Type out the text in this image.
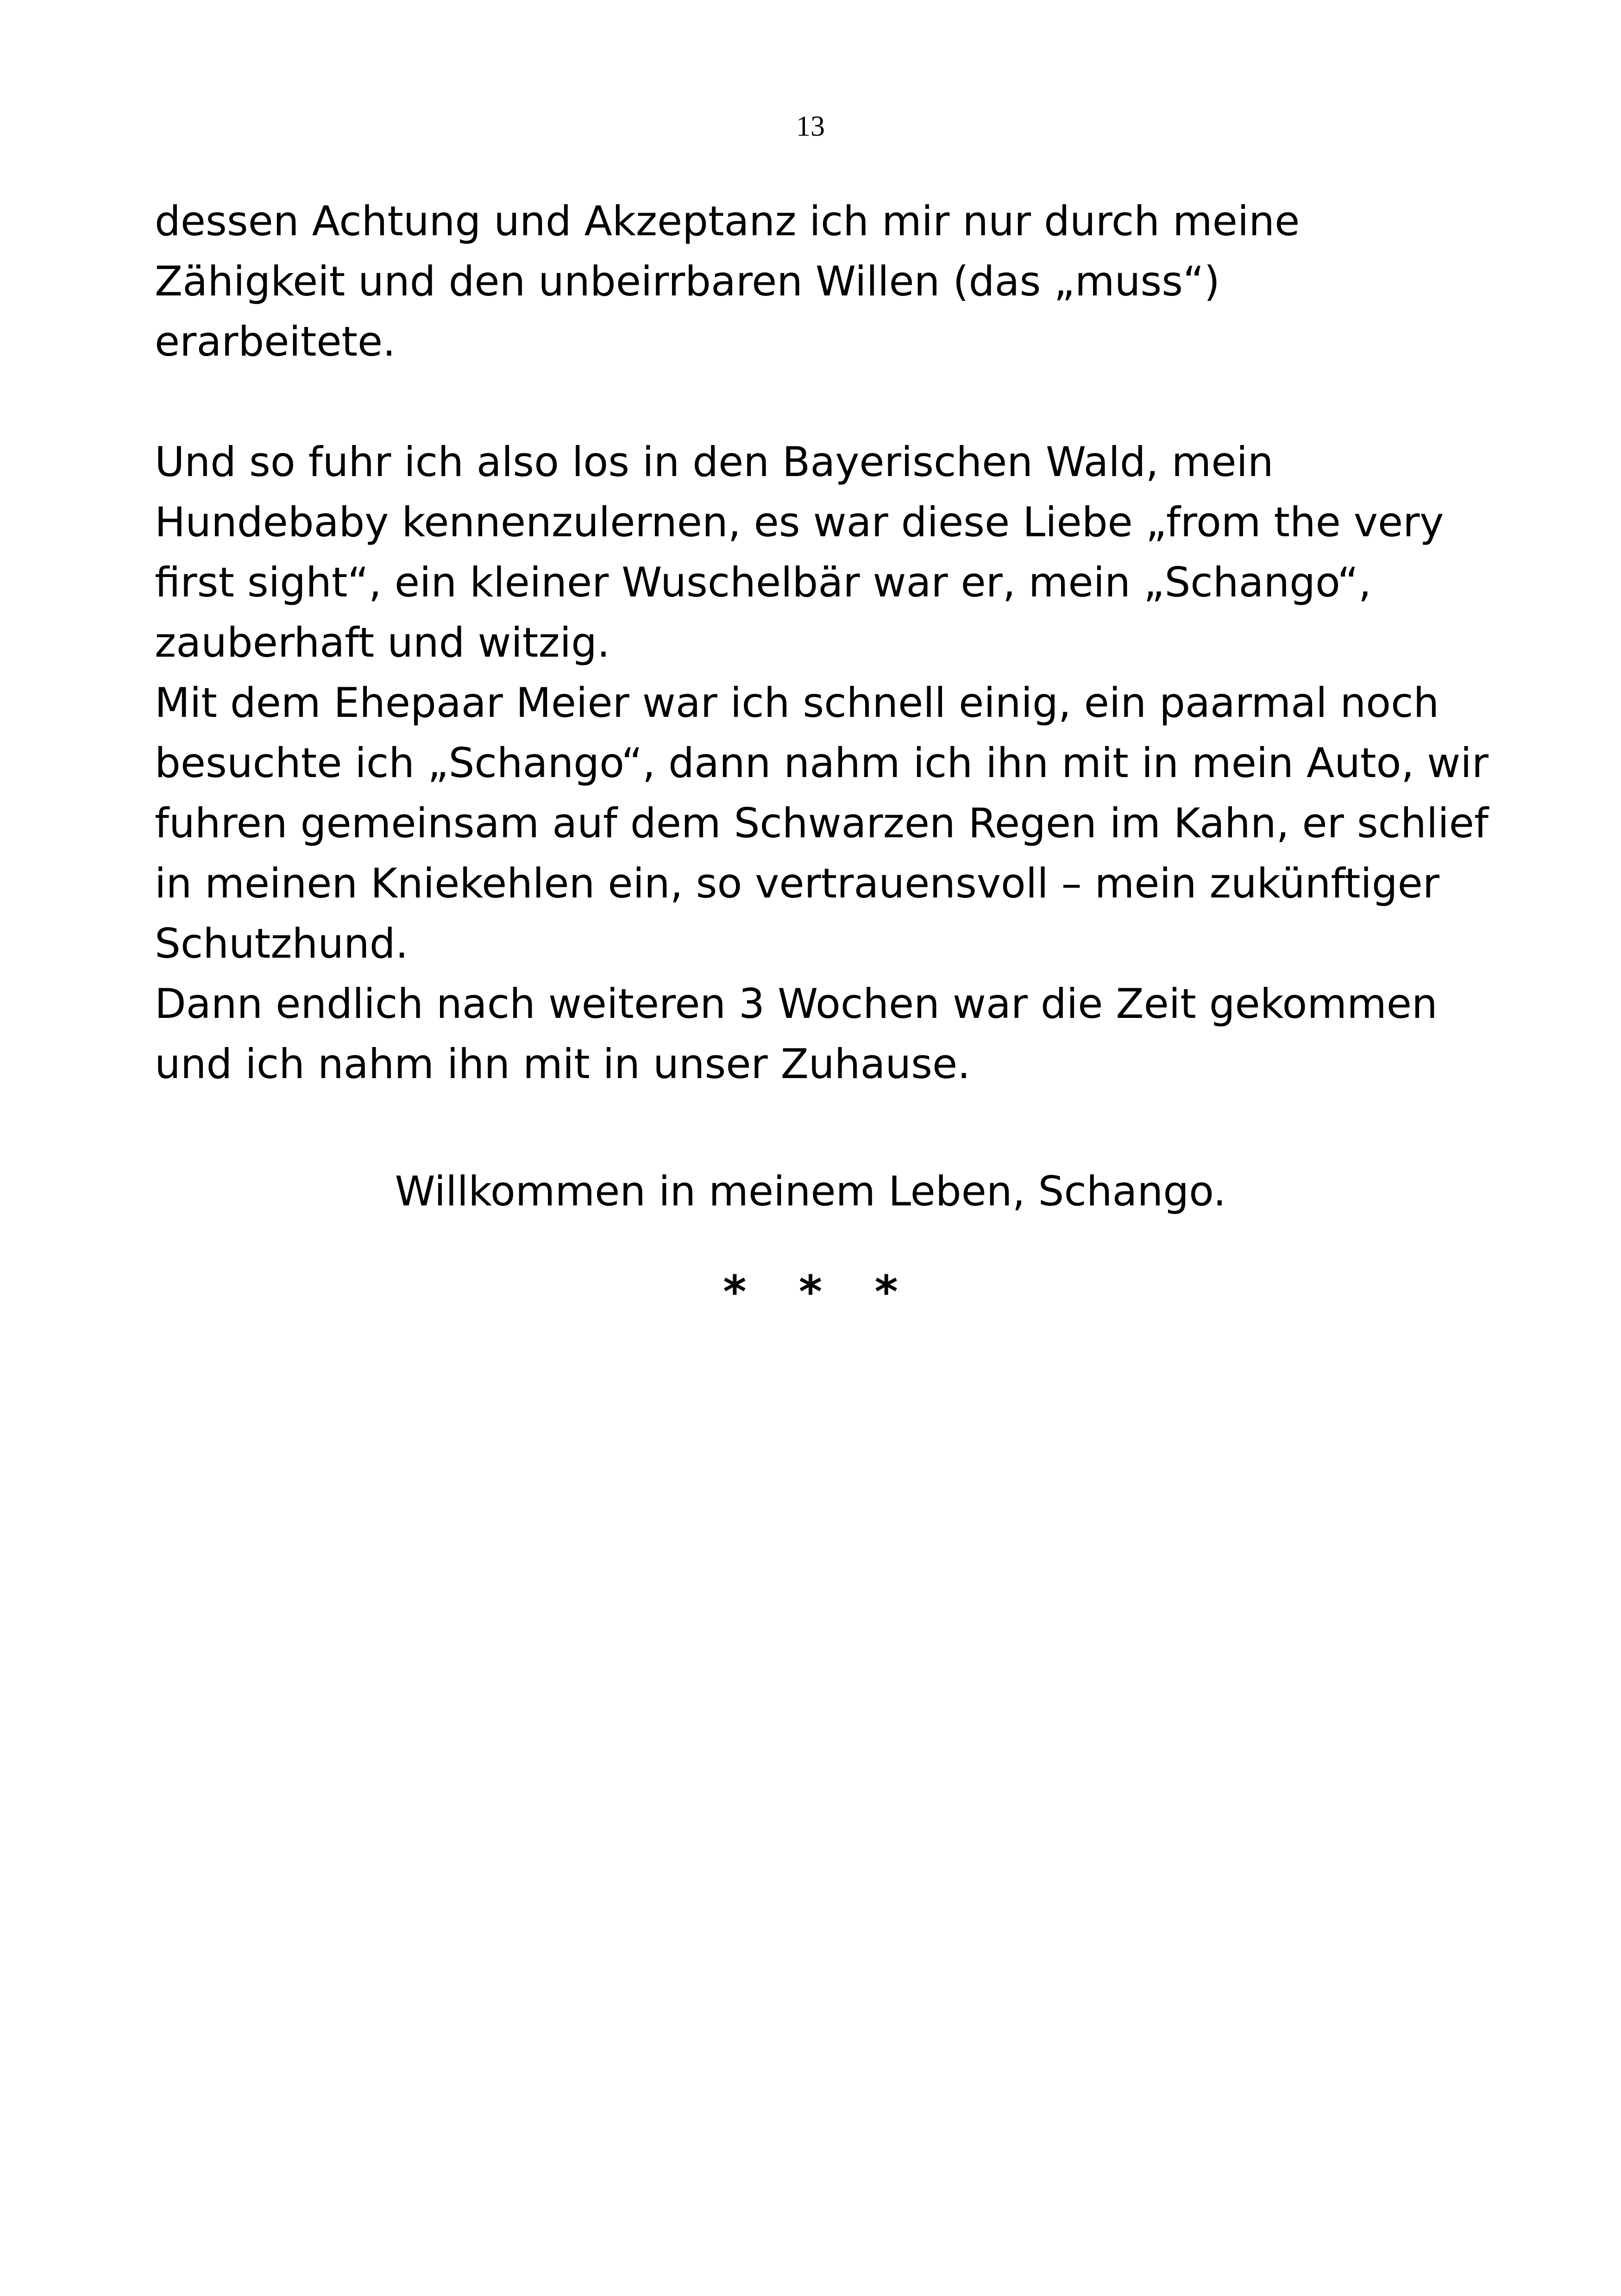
13
dessen Achtung und Akzeptanz ich mir nur durch meine
Zähigkeit und den unbeirrbaren Willen (das „muss“)
erarbeitete.
Und so fuhr ich also los in den Bayerischen Wald, mein
Hundebaby kennenzulernen, es war diese Liebe „from the very
first sight“, ein kleiner Wuschelbär war er, mein „Schango“,
zauberhaft und witzig.
Mit dem Ehepaar Meier war ich schnell einig, ein paarmal noch
besuchte ich „Schango“, dann nahm ich ihn mit in mein Auto, wir
fuhren gemeinsam auf dem Schwarzen Regen im Kahn, er schlief
in meinen Kniekehlen ein, so vertrauensvoll – mein zukünftiger
Schutzhund.
Dann endlich nach weiteren 3 Wochen war die Zeit gekommen
und ich nahm ihn mit in unser Zuhause.
Willkommen in meinem Leben, Schango.
* * *
